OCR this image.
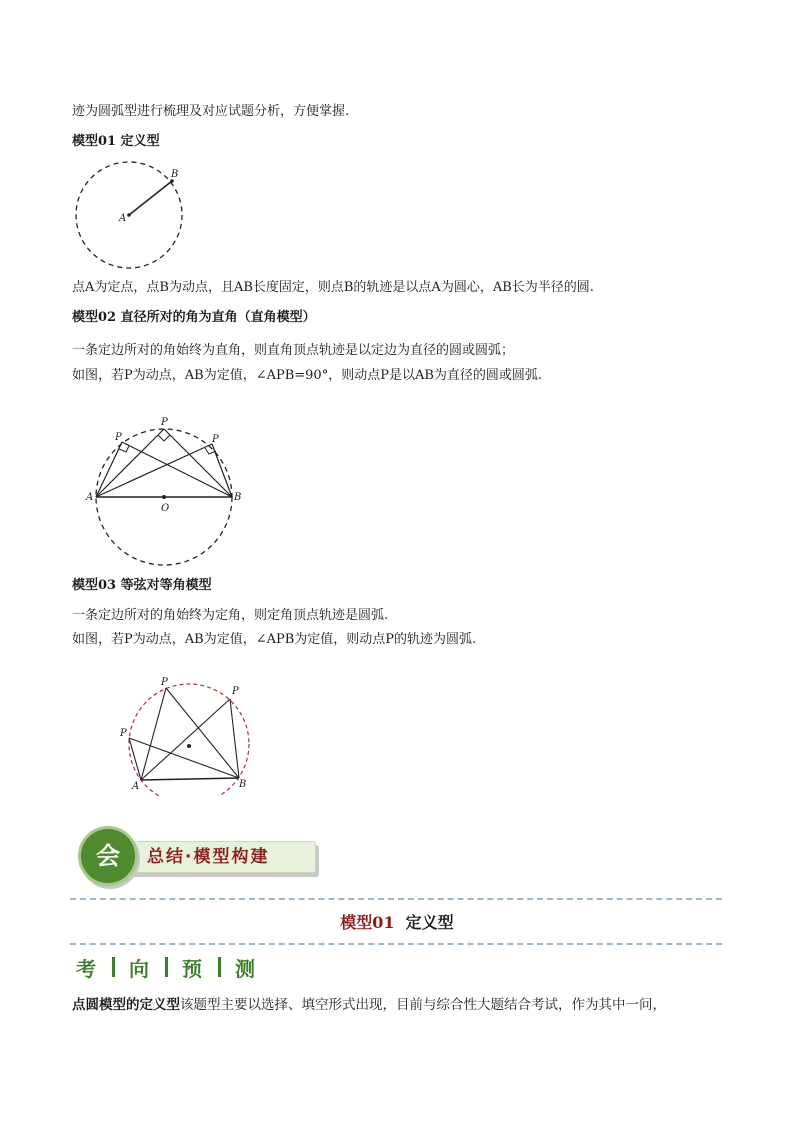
迹为圆弧型进行梳理及对应试题分析，方便掌握.
模型01 定义型
A
B
点A为定点，点B为动点，且AB长度固定，则点B的轨迹是以点A为圆心，AB长为半径的圆.
模型02 直径所对的角为直角（直角模型）
一条定边所对的角始终为直角，则直角顶点轨迹是以定边为直径的圆或圆弧；
如图，若P为动点，AB为定值，∠APB=90°，则动点P是以AB为直径的圆或圆弧.
P
P	P
A	B
O
模型03 等弦对等角模型
一条定边所对的角始终为定角，则定角顶点轨迹是圆弧.
如图，若P为动点，AB为定值，∠APB为定值，则动点P的轨迹为圆弧.
P
P
P
A	B
总结·模型构建
会
模型01 定义型
考 向 预 测
点圆模型的定义型该题型主要以选择、填空形式出现，目前与综合性大题结合考试，作为其中一问，
